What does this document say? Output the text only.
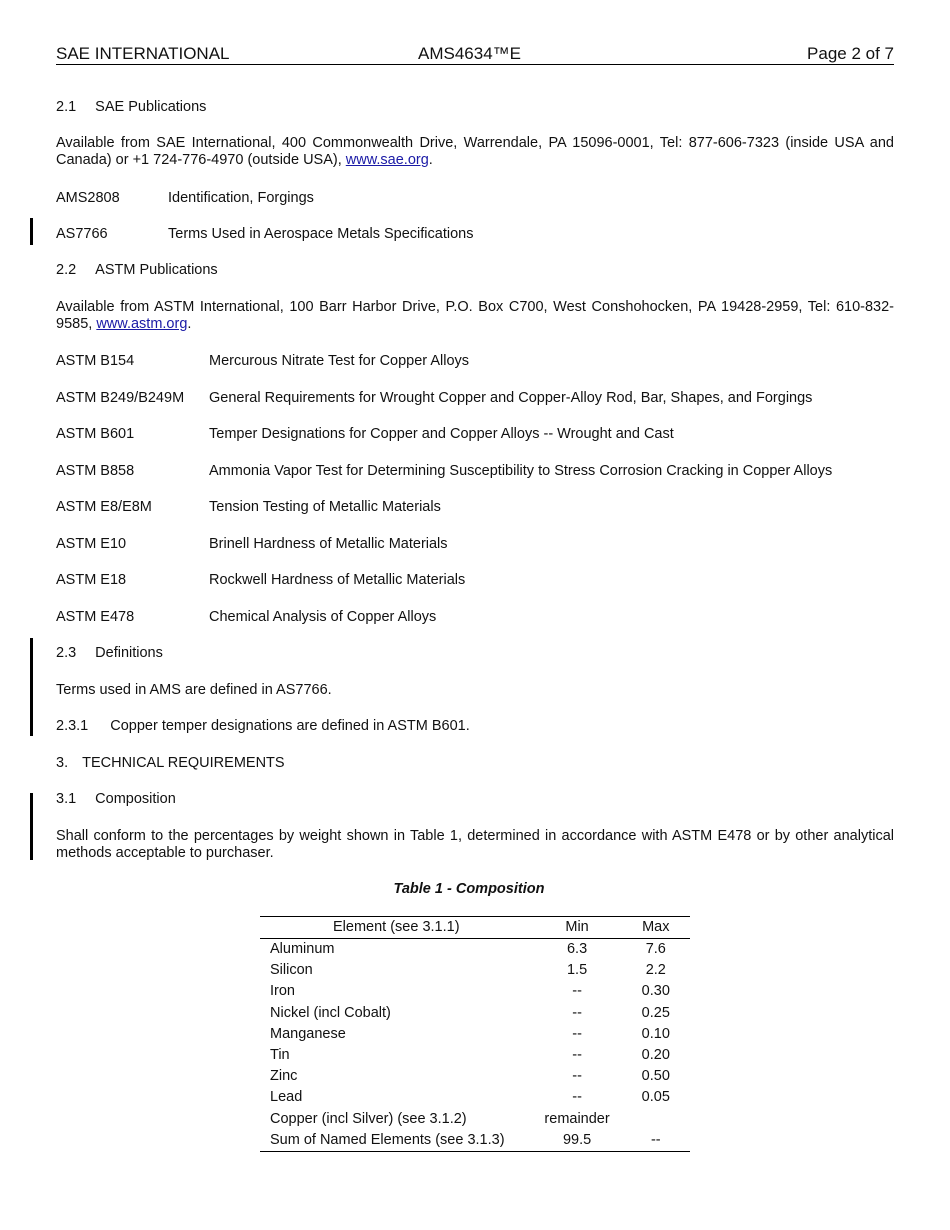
SAE INTERNATIONAL	AMS4634™E	Page 2 of 7
2.1 SAE Publications
Available from SAE International, 400 Commonwealth Drive, Warrendale, PA 15096-0001, Tel: 877-606-7323 (inside USA and Canada) or +1 724-776-4970 (outside USA), www.sae.org.
AMS2808	Identification, Forgings
AS7766	Terms Used in Aerospace Metals Specifications
2.2 ASTM Publications
Available from ASTM International, 100 Barr Harbor Drive, P.O. Box C700, West Conshohocken, PA 19428-2959, Tel: 610-832-9585, www.astm.org.
ASTM B154	Mercurous Nitrate Test for Copper Alloys
ASTM B249/B249M General Requirements for Wrought Copper and Copper-Alloy Rod, Bar, Shapes, and Forgings
ASTM B601	Temper Designations for Copper and Copper Alloys -- Wrought and Cast
ASTM B858	Ammonia Vapor Test for Determining Susceptibility to Stress Corrosion Cracking in Copper Alloys
ASTM E8/E8M	Tension Testing of Metallic Materials
ASTM E10	Brinell Hardness of Metallic Materials
ASTM E18	Rockwell Hardness of Metallic Materials
ASTM E478	Chemical Analysis of Copper Alloys
2.3 Definitions
Terms used in AMS are defined in AS7766.
2.3.1 Copper temper designations are defined in ASTM B601.
3. TECHNICAL REQUIREMENTS
3.1 Composition
Shall conform to the percentages by weight shown in Table 1, determined in accordance with ASTM E478 or by other analytical methods acceptable to purchaser.
Table 1 - Composition
Element (see 3.1.1)	Min	Max
Aluminum	6.3	7.6
Silicon	1.5	2.2
Iron	--	0.30
Nickel (incl Cobalt)	--	0.25
Manganese	--	0.10
Tin	--	0.20
Zinc	--	0.50
Lead	--	0.05
Copper (incl Silver) (see 3.1.2)	remainder	
Sum of Named Elements (see 3.1.3)	99.5	--
